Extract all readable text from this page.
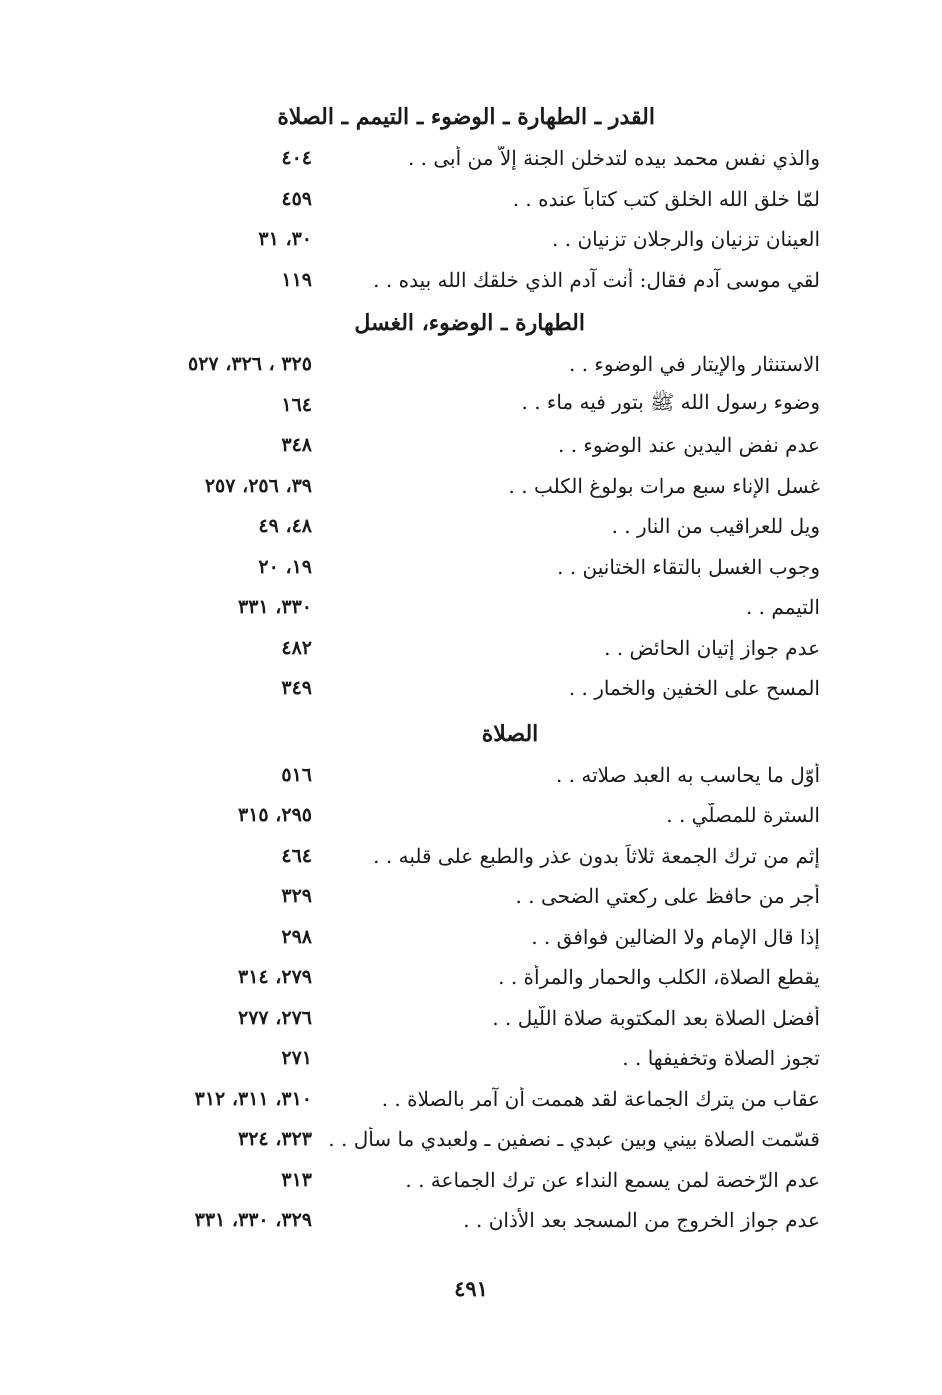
القدر ـ الطهارة ـ الوضوء ـ التيمم ـ الصلاة
والذي نفس محمد بيده لتدخلن الجنة إلاّ من أبى . .
٤٠٤
لمّا خلق الله الخلق كتب كتاباً عنده . .
٤٥٩
العينان تزنيان والرجلان تزنيان . .
٣٠، ٣١
لقي موسى آدم فقال: أنت آدم الذي خلقك الله بيده . .
١١٩
الطهارة ـ الوضوء، الغسل
الاستنثار والإيتار في الوضوء . .
٣٢٥ ، ٣٢٦، ٥٢٧
وضوء رسول الله ﷺ بتور فيه ماء . .
١٦٤
عدم نفض اليدين عند الوضوء . .
٣٤٨
غسل الإناء سبع مرات بولوغ الكلب . .
٣٩، ٢٥٦، ٢٥٧
ويل للعراقيب من النار . .
٤٨، ٤٩
وجوب الغسل بالتقاء الختانين . .
١٩، ٢٠
التيمم . .
٣٣٠، ٣٣١
عدم جواز إتيان الحائض . .
٤٨٢
المسح على الخفين والخمار . .
٣٤٩
الصلاة
أوّل ما يحاسب به العبد صلاته . .
٥١٦
السترة للمصلّي . .
٢٩٥، ٣١٥
إثم من ترك الجمعة ثلاثاً بدون عذر والطبع على قلبه . .
٤٦٤
أجر من حافظ على ركعتي الضحى . .
٣٢٩
إذا قال الإمام ولا الضالين فوافق . .
٢٩٨
يقطع الصلاة، الكلب والحمار والمرأة . .
٢٧٩، ٣١٤
أفضل الصلاة بعد المكتوبة صلاة اللّيل . .
٢٧٦، ٢٧٧
تجوز الصلاة وتخفيفها . .
٢٧١
عقاب من يترك الجماعة لقد هممت أن آمر بالصلاة . .
٣١٠، ٣١١، ٣١٢
قسّمت الصلاة بيني وبين عبدي ـ نصفين ـ ولعبدي ما سأل . .
٣٢٣، ٣٢٤
عدم الرّخصة لمن يسمع النداء عن ترك الجماعة . .
٣١٣
عدم جواز الخروج من المسجد بعد الأذان . .
٣٢٩، ٣٣٠، ٣٣١
٤٩١
